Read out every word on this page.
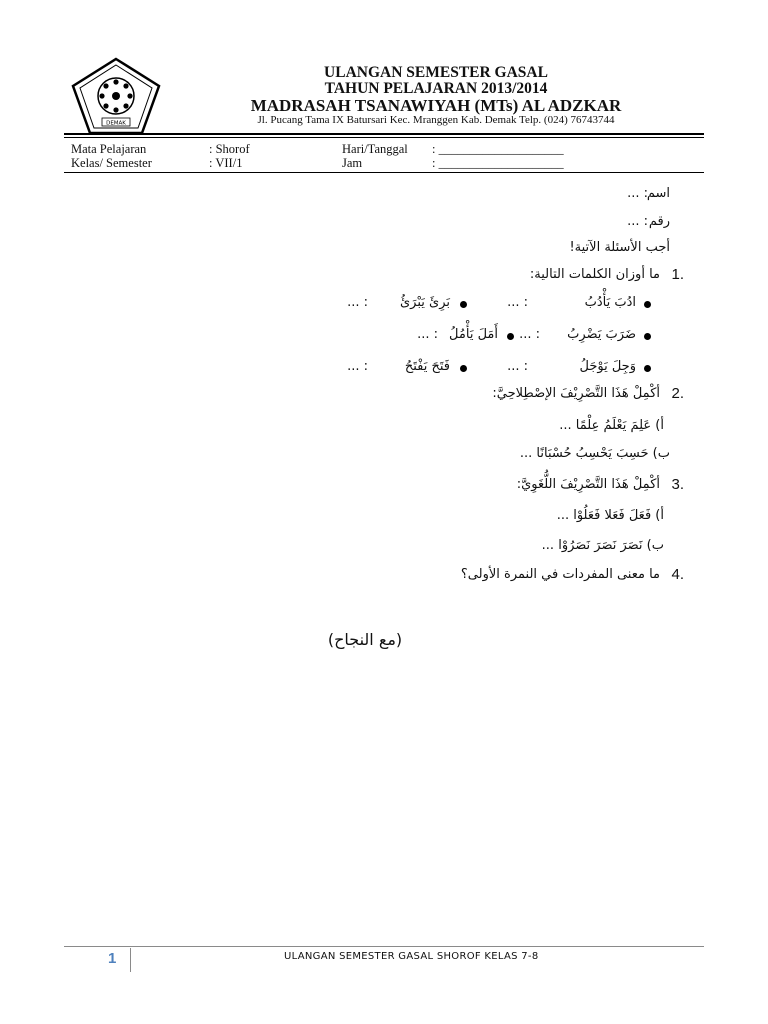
DEMAK
ULANGAN SEMESTER GASAL
TAHUN PELAJARAN 2013/2014
MADRASAH TSANAWIYAH (MTs) AL ADZKAR
Jl. Pucang Tama IX Batursari Kec. Mranggen Kab. Demak Telp. (024) 76743744
Mata Pelajaran	: Shorof	Hari/Tanggal : ____________________
Kelas/ Semester	: VII/1	Jam	: ____________________
اسم
: ...
رقم
: ...
أجب الأسئلة الآتية!
1.
ما أوزان الكلمات التالية:
ادُبَ يَأْدُبُ
: ...
بَرِئَ يَبْرَئُ
: ...
ضَرَبَ يَضْرِبُ
: ...
أَمَلَ يَأْمُلُ
: ...
وَجِلَ يَوْجَلُ
: ...
فَتَحَ يَفْتَحُ
: ...
2.
أكْمِلْ هَذَا التَّصْرِيْفَ الإصْطِلاحِيَّ:
أ) عَلِمَ يَعْلَمُ عِلْمًا ...
ب) حَسِبَ يَحْسِبُ حُسْبَانًا ...
3.
أكْمِلْ هَذَا التَّصْرِيْفَ اللُّغَوِيَّ:
أ) فَعَلَ فَعَلا فَعَلُوْا ...
ب) نَصَرَ نَصَرَ نَصَرُوْا ...
4.
ما معنى المفردات في النمرة الأولى؟
(مع النجاح)
1	ULANGAN SEMESTER GASAL SHOROF KELAS 7-8
